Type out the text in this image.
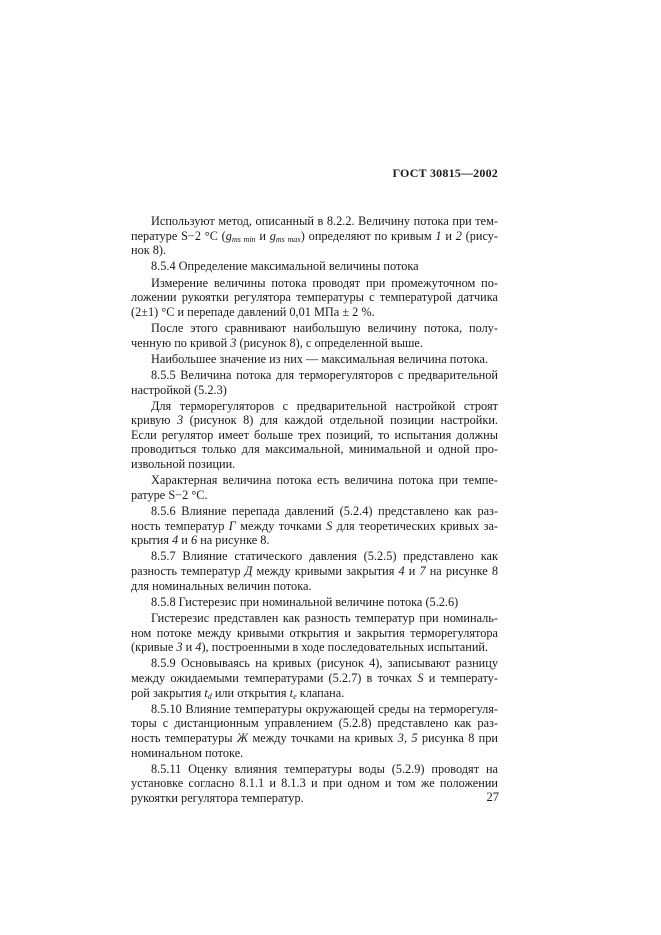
ГОСТ 30815—2002

Используют метод, описанный в 8.2.2. Величину потока при тем-пературе S−2 °C ($g_{ms min}$ и $g_{ms max}$) определяют по кривым 1 и 2 (рису-нок 8).

8.5.4 Определение максимальной величины потока

Измерение величины потока проводят при промежуточном по-ложении рукоятки регулятора температуры с температурой датчика (2±1) °C и перепаде давлений 0,01 МПа ± 2 %.

После этого сравнивают наибольшую величину потока, полу-ченную по кривой 3 (рисунок 8), с определенной выше.

Наибольшее значение из них — максимальная величина потока.

8.5.5 Величина потока для терморегуляторов с предварительной настройкой (5.2.3)

Для терморегуляторов с предварительной настройкой строят кривую 3 (рисунок 8) для каждой отдельной позиции настройки. Если регулятор имеет больше трех позиций, то испытания должны проводиться только для максимальной, минимальной и одной про-извольной позиции.

Характерная величина потока есть величина потока при темпе-ратуре S−2 °C.

8.5.6 Влияние перепада давлений (5.2.4) представлено как раз-ность температур Г между точками S для теоретических кривых за-крытия 4 и 6 на рисунке 8.

8.5.7 Влияние статического давления (5.2.5) представлено как разность температур Д между кривыми закрытия 4 и 7 на рисунке 8 для номинальных величин потока.

8.5.8 Гистерезис при номинальной величине потока (5.2.6)

Гистерезис представлен как разность температур при номиналь-ном потоке между кривыми открытия и закрытия терморегулятора (кривые 3 и 4), построенными в ходе последовательных испытаний.

8.5.9 Основываясь на кривых (рисунок 4), записывают разницу между ожидаемыми температурами (5.2.7) в точках S и температу-рой закрытия $t_d$ или открытия $t_e$ клапана.

8.5.10 Влияние температуры окружающей среды на терморегуля-торы с дистанционным управлением (5.2.8) представлено как раз-ность температуры Ж между точками на кривых 3, 5 рисунка 8 при номинальном потоке.

8.5.11 Оценку влияния температуры воды (5.2.9) проводят на установке согласно 8.1.1 и 8.1.3 и при одном и том же положении рукоятки регулятора температур.	27
